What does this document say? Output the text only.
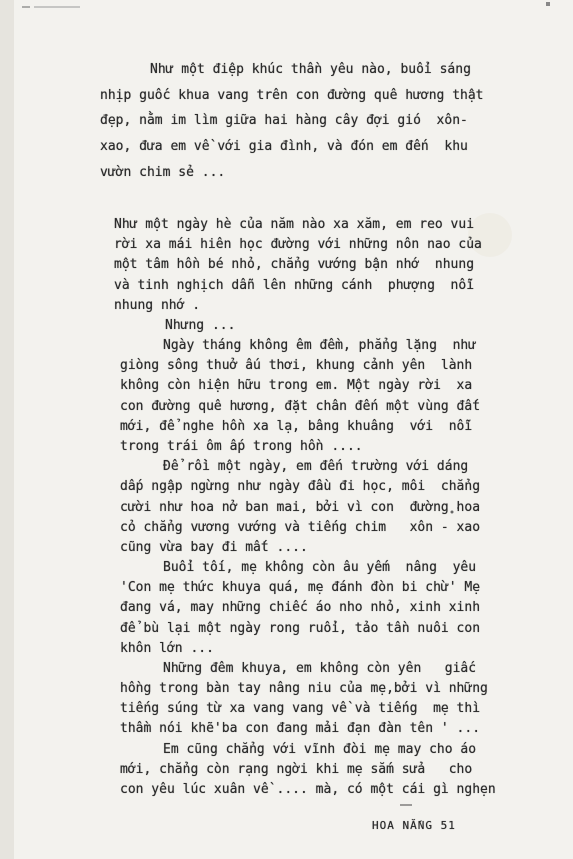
Như một điệp khúc thần yêu nào, buổi sáng
nhịp guốc khua vang trên con đường quê hương thật
đẹp, nằm im lìm giữa hai hàng cây đợi gió  xôn-
xao, đưa em về với gia đình, và đón em đến  khu
vườn chim sẻ ...
Như một ngày hè của năm nào xa xăm, em reo vui
rời xa mái hiên học đường với những nôn nao của
một tâm hồn bé nhỏ, chẳng vướng bận nhớ  nhung
và tinh nghịch dẫn lên những cánh  phượng  nỗi
nhung nhớ .
Nhưng ...
Ngày tháng không êm đềm, phẳng lặng  như
giòng sông thuở ấu thơi, khung cảnh yên  lành
không còn hiện hữu trong em. Một ngày rời  xa
con đường quê hương, đặt chân đến một vùng đất
mới, để nghe hồn xa lạ, bâng khuâng  với  nỗi
trong trái ôm ấp trong hồn ....
Để rồi một ngày, em đến trường với dáng
dấp ngập ngừng như ngày đầu đi học, môi  chẳng
cười như hoa nở ban mai, bởi vì con  đường hoa
cỏ chẳng vương vướng và tiếng chim   xôn - xao
cũng vừa bay đi mất ....
Buổi tối, mẹ không còn âu yếm  nâng  yêu
'Con mẹ thức khuya quá, mẹ đánh đòn bi chừ' Mẹ
đang vá, may những chiếc áo nho nhỏ, xinh xinh
để bù lại một ngày rong ruổi, tảo tần nuôi con
khôn lớn ...
Những đêm khuya, em không còn yên   giấc
hồng trong bàn tay nâng niu của mẹ,bởi vì những
tiếng súng từ xa vang vang về và tiếng  mẹ thì
thầm nói khẽ'ba con đang mải đạn đàn tên ' ...
Em cũng chẳng với vĩnh đòi mẹ may cho áo
mới, chẳng còn rạng ngời khi mẹ sắm sửa   cho
con yêu lúc xuân về .... mà, có một cái gì nghẹn
HOA NẮNG 51
